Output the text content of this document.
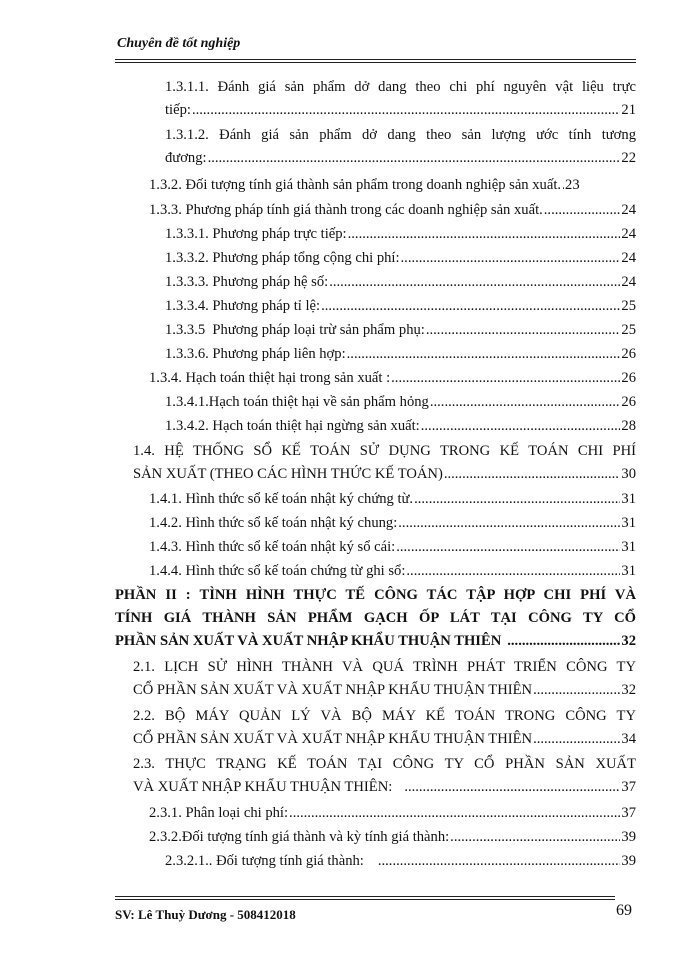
Chuyên đề tốt nghiệp
1.3.1.1. Đánh giá sản phẩm dở dang theo chi phí nguyên vật liệu trực
tiếp: .....	21
1.3.1.2. Đánh giá sản phẩm dở dang theo sản lượng ước tính tương
đương: .....	22
1.3.2. Đối tượng tính giá thành sản phẩm trong doanh nghiệp sản xuất. ..... 23
1.3.3. Phương pháp tính giá thành trong các doanh nghiệp sản xuất. .....	24
1.3.3.1. Phương pháp trực tiếp: .....	24
1.3.3.2. Phương pháp tổng cộng chi phí: .....	24
1.3.3.3. Phương pháp hệ số: .....	24
1.3.3.4. Phương pháp tỉ lệ: .....	25
1.3.3.5  Phương pháp loại trừ sản phẩm phụ: .....	25
1.3.3.6. Phương pháp liên hợp: .....	26
1.3.4. Hạch toán thiệt hại trong sản xuất : .....	26
1.3.4.1.Hạch toán thiệt hại về sản phẩm hỏng .....	26
1.3.4.2. Hạch toán thiệt hại ngừng sản xuất: .....	28
1.4. HỆ THỐNG SỔ KẾ TOÁN SỬ DỤNG TRONG KẾ TOÁN CHI PHÍ
SẢN XUẤT (THEO CÁC HÌNH THỨC KẾ TOÁN) .....	30
1.4.1. Hình thức sổ kế toán nhật ký chứng từ. .....	31
1.4.2. Hình thức sổ kế toán nhật ký chung: .....	31
1.4.3. Hình thức sổ kế toán nhật ký sổ cái: .....	31
1.4.4. Hình thức sổ kế toán chứng từ ghi sổ: .....	31
PHẦN II : TÌNH HÌNH THỰC TẾ CÔNG TÁC TẬP HỢP CHI PHÍ VÀ
TÍNH GIÁ THÀNH SẢN PHẨM GẠCH ỐP LÁT TẠI CÔNG TY CỔ
PHẦN SẢN XUẤT VÀ XUẤT NHẬP KHẨU THUẬN THIÊN .....	32
2.1. LỊCH SỬ HÌNH THÀNH VÀ QUÁ TRÌNH PHÁT TRIỂN CÔNG TY
CỔ PHẦN SẢN XUẤT VÀ XUẤT NHẬP KHẨU THUẬN THIÊN .....	32
2.2. BỘ MÁY QUẢN LÝ VÀ BỘ MÁY KẾ TOÁN TRONG CÔNG TY
CỔ PHẦN SẢN XUẤT VÀ XUẤT NHẬP KHẨU THUẬN THIÊN .....	34
2.3. THỰC TRẠNG KẾ TOÁN TẠI CÔNG TY CỔ PHẦN SẢN XUẤT
VÀ XUẤT NHẬP KHẨU THUẬN THIÊN: .....	37
2.3.1. Phân loại chi phí: .....	37
2.3.2.Đối tượng tính giá thành và kỳ tính giá thành: .....	39
2.3.2.1.. Đối tượng tính giá thành: .....	39
SV: Lê Thuỳ Dương - 508412018	69
